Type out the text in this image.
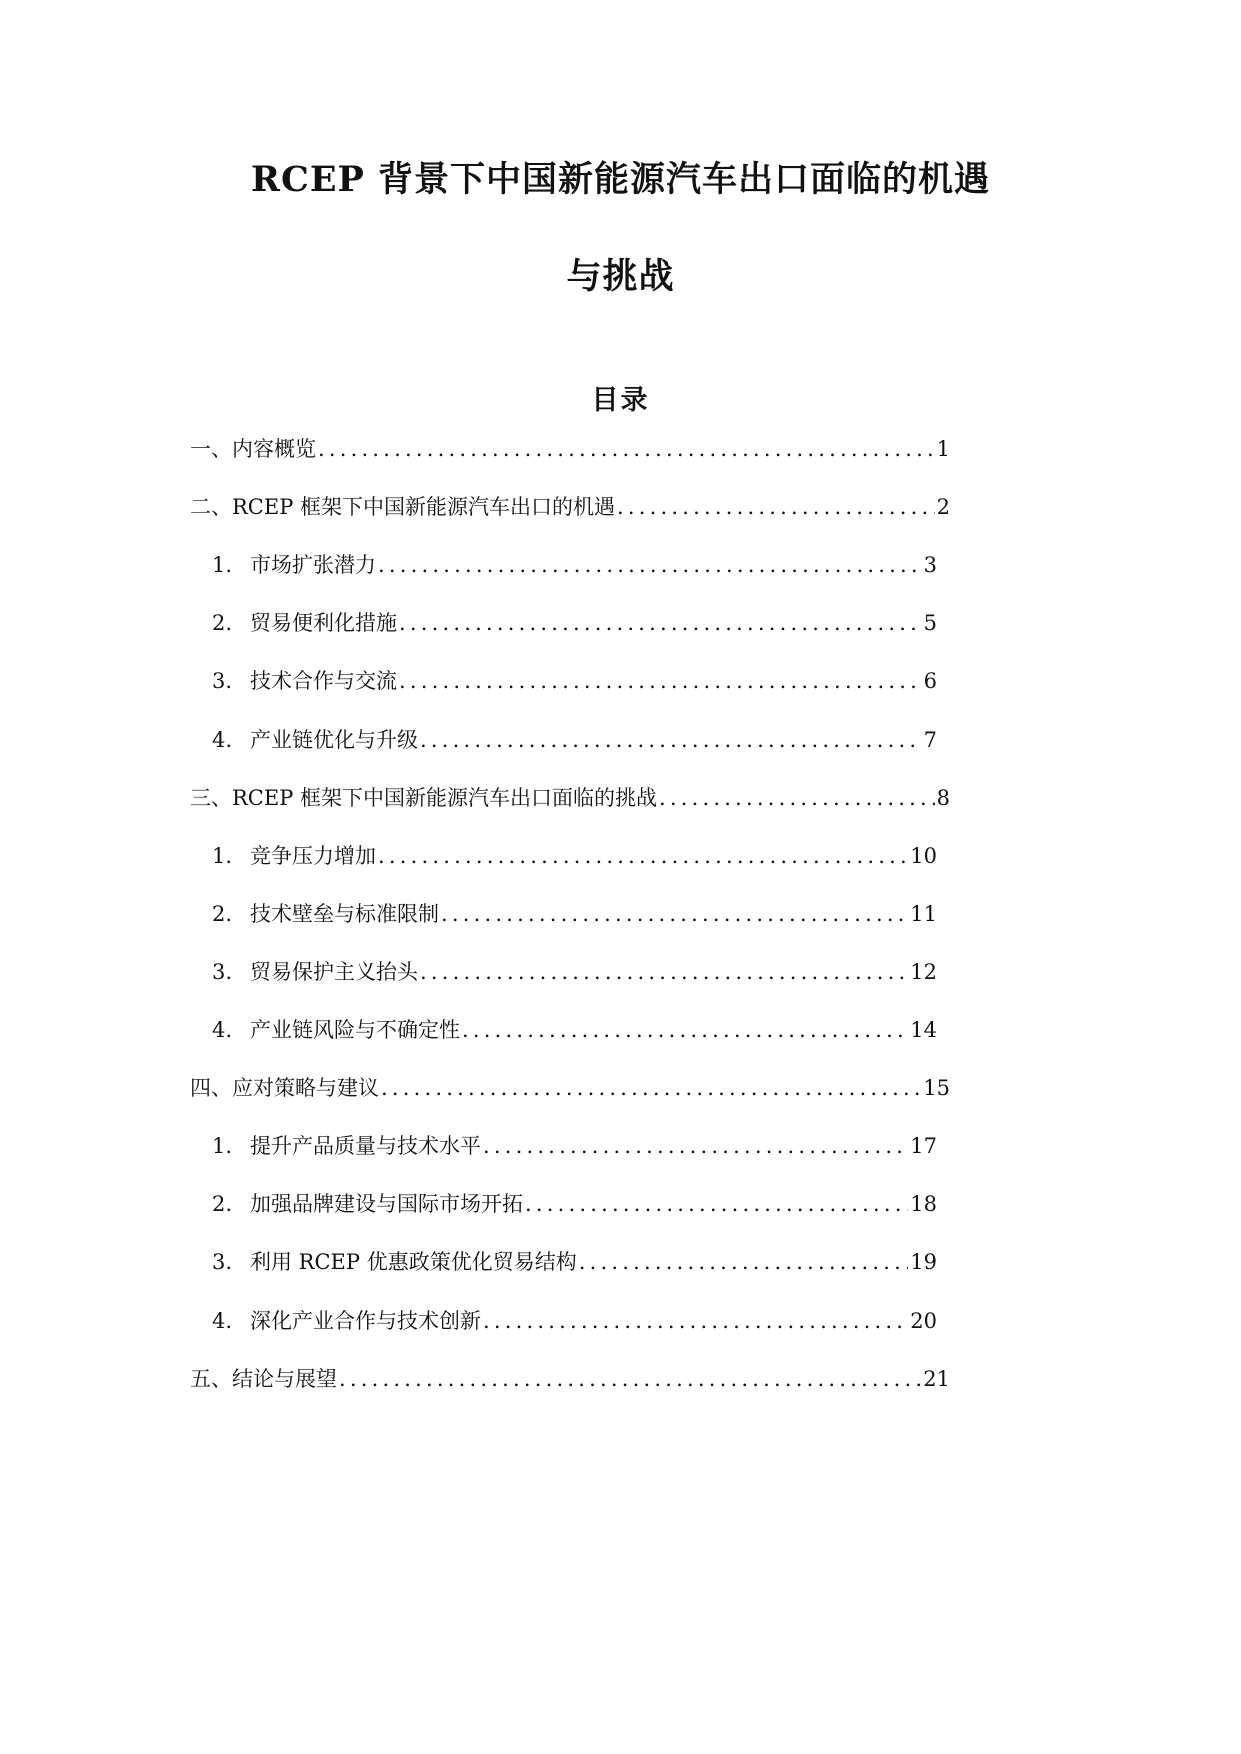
RCEP 背景下中国新能源汽车出口面临的机遇
与挑战
目录
一、内容概览 .....	1
二、RCEP 框架下中国新能源汽车出口的机遇 .....	2
1. 市场扩张潜力 .....	3
2. 贸易便利化措施 .....	5
3. 技术合作与交流 .....	6
4. 产业链优化与升级 .....	7
三、RCEP 框架下中国新能源汽车出口面临的挑战 .....	8
1. 竞争压力增加 .....	10
2. 技术壁垒与标准限制 .....	11
3. 贸易保护主义抬头 .....	12
4. 产业链风险与不确定性 .....	14
四、应对策略与建议 .....	15
1. 提升产品质量与技术水平 .....	17
2. 加强品牌建设与国际市场开拓 .....	18
3. 利用 RCEP 优惠政策优化贸易结构 .....	19
4. 深化产业合作与技术创新 .....	20
五、结论与展望 .....	21
